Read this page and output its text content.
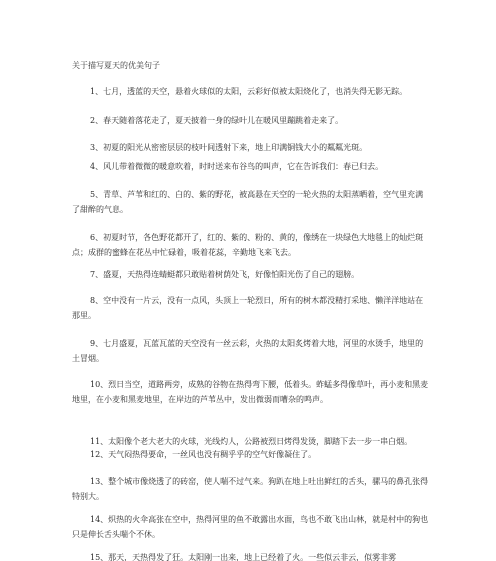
关于描写夏天的优美句子
1、七月，透蓝的天空，悬着火球似的太阳，云彩好似被太阳烧化了，也消失得无影无踪。
2、春天随着落花走了，夏天披着一身的绿叶儿在暖风里蹦跳着走来了。
3、初夏的阳光从密密层层的枝叶间透射下来，地上印满铜钱大小的粼粼光斑。
4、风儿带着微微的暖意吹着，时时送来布谷鸟的叫声，它在告诉我们：春已归去。
5、青草、芦苇和红的、白的、紫的野花，被高悬在天空的一轮火热的太阳蒸晒着，空气里充满了甜醉的气息。
6、初夏时节，各色野花都开了，红的、紫的、粉的、黄的，像绣在一块绿色大地毯上的灿烂斑点；成群的蜜蜂在花丛中忙碌着，吸着花蕊，辛勤地飞来飞去。
7、盛夏，天热得连蜻蜓都只敢贴着树荫处飞，好像怕阳光伤了自己的翅膀。
8、空中没有一片云，没有一点风，头顶上一轮烈日，所有的树木都没精打采地、懒洋洋地站在那里。
9、七月盛夏，瓦蓝瓦蓝的天空没有一丝云彩，火热的太阳炙烤着大地，河里的水烫手，地里的土冒烟。
10、烈日当空，道路两旁，成熟的谷物在热得弯下腰，低着头。蚱蜢多得像草叶，再小麦和黑麦地里，在小麦和黑麦地里，在岸边的芦苇丛中，发出微弱而嘈杂的鸣声。
11、太阳像个老大老大的火球，光线灼人，公路被烈日烤得发烫，脚踏下去一步一串白烟。
12、天气闷热得要命，一丝风也没有稠乎乎的空气好像凝住了。
13、整个城市像烧透了的砖窑，使人喘不过气来。狗趴在地上吐出鲜红的舌头，骡马的鼻孔张得特别大。
14、炽热的火伞高张在空中，热得河里的鱼不敢露出水面，鸟也不敢飞出山林，就是村中的狗也只是伸长舌头喘个不休。
15、那天，天热得发了狂。太阳刚一出来，地上已经着了火。一些似云非云，似雾非雾
